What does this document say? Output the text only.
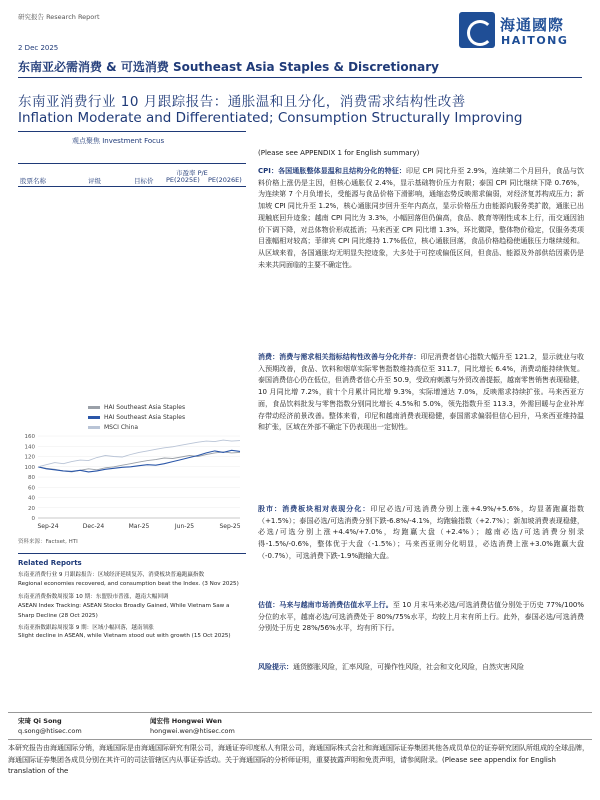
研究报告 Research Report
2 Dec 2025
海通國際
HAITONG
东南亚必需消费 & 可选消费 Southeast Asia Staples & Discretionary
东南亚消费行业 10 月跟踪报告：通胀温和且分化，消费需求结构性改善
Inflation Moderate and Differentiated; Consumption Structurally Improving
观点聚焦 Investment Focus
市盈率 P/E
股票名称	评级	目标价 PE(2025E) PE(2026E)
HAI Southeast Asia Staples
HAI Southeast Asia Staples
MSCI China
0
20
40
60
80
100
120
140
160
Sep-24	Dec-24	Mar-25	Jun-25	Sep-25
资料来源：Factset, HTI
Related Reports
东南亚消费行业 9 月跟踪报告：区域经济延续复苏，消费板块普遍跑赢指数
Regional economies recovered, and consumption beat the Index. (3 Nov 2025)
东南亚消费指数周报第 10 期：东盟股市普涨，越南大幅回调
ASEAN Index Tracking: ASEAN Stocks Broadly Gained, While Vietnam Saw a
Sharp Decline (28 Oct 2025)
东南亚指数跟踪周报第 9 期：区域小幅回落，越南领涨
Slight decline in ASEAN, while Vietnam stood out with growth (15 Oct 2025)
(Please see APPENDIX 1 for English summary)
CPI：各国通胀整体显温和且结构分化的特征：印尼 CPI 同比升至 2.9%，连续第二个月回升，食品与饮料价格上涨仍是主因，但核心通胀仅 2.4%，显示基础物价压力有限；泰国 CPI 同比继续下降 0.76%，为连续第 7 个月负增长，受能源与食品价格下滑影响，通缩态势反映需求偏弱，对经济复苏构成压力；新加坡 CPI 同比升至 1.2%，核心通胀同步回升至年内高点，显示价格压力由能源向服务类扩散，通胀已出现触底回升迹象；越南 CPI 同比为 3.3%，小幅回落但仍偏高，食品、教育等刚性成本上行，而交通因油价下调下降，对总体物价形成抵消；马来西亚 CPI 同比增 1.3%，环比微降，整体物价稳定，仅服务类项目涨幅相对较高；菲律宾 CPI 同比维持 1.7%低位，核心通胀回落，食品价格趋稳使通胀压力继续缓和。从区域来看，各国通胀均无明显失控迹象，大多处于可控或偏低区间，但食品、能源及外部供给因素仍是未来共同面临的主要不确定性。
消费：消费与需求相关指标结构性改善与分化并存：印尼消费者信心指数大幅升至 121.2，显示就业与收入预期改善，食品、饮料和烟草实际零售指数维持高位至 311.7，同比增长 6.4%，消费动能持续恢复。泰国消费信心仍在低位，但消费者信心升至 50.9，受政府刺激与外贸改善提振，越南零售销售表现稳健，10 月同比增 7.2%，前十个月累计同比增 9.3%，实际增速达 7.0%，反映需求持续扩张。马来西亚方面，食品饮料批发与零售指数分别同比增长 4.5%和 5.0%，领先指数升至 113.3，外需回暖与企业补库存带动经济前景改善。整体来看，印尼和越南消费表现稳健，泰国需求偏弱但信心回升，马来西亚维持温和扩张，区域在外部不确定下仍表现出一定韧性。
股市：消费板块相对表现分化：印尼必选/可选消费分别上涨+4.9%/+5.6%，均显著跑赢指数（+1.5%）；泰国必选/可选消费分别下跌-6.8%/-4.1%，均跑输指数（+2.7%）；新加坡消费表现稳健，必选/可选分别上涨+4.4%/+7.0%，均跑赢大盘（+2.4%）；越南必选/可选消费分别录得-1.5%/-0.6%，整体优于大盘（-1.5%）；马来西亚则分化明显，必选消费上涨+3.0%跑赢大盘（-0.7%），可选消费下跌-1.9%跑输大盘。
估值：马来与越南市场消费估值水平上行。至 10 月末马来必选/可选消费估值分别处于历史 77%/100%分位的水平，越南必选/可选消费处于 80%/75%水平，均较上月末有所上行。此外，泰国必选/可选消费分别处于历史 28%/56%水平，均有所下行。
风险提示：通货膨胀风险，汇率风险，可操作性风险，社会和文化风险，自然灾害风险
宋琦 Qi Song
q.song@htisec.com
闻宏伟 Hongwei Wen
hongwei.wen@htisec.com
本研究报告由海通国际分销，海通国际是由海通国际研究有限公司，海通证券印度私人有限公司，海通国际株式会社和海通国际证券集团其他各成员单位的证券研究团队所组成的全球品牌，海通国际证券集团各成员分别在其许可的司法管辖区内从事证券活动。关于海通国际的分析师证明，重要披露声明和免责声明，请参阅附录。(Please see appendix for English translation of the
